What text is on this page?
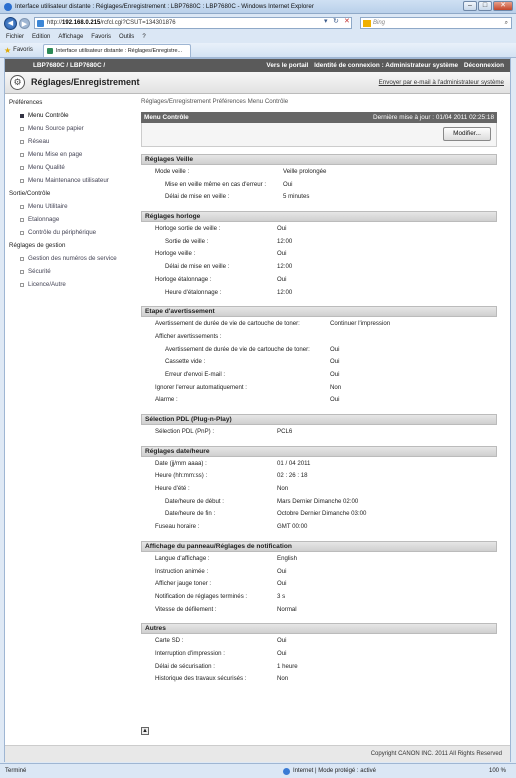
Interface utilisateur distante : Réglages/Enregistrement : LBP7680C : LBP7680C - Windows Internet Explorer	–	□	✕
◀	▶	http://192.168.0.215/rcfcl.cgi?CSUT=134301876	▾ ↻ ✕	Bing	⌕
Fichier Edition Affichage Favoris Outils ?
★ Favoris	Interface utilisateur distante : Réglages/Enregistre...
LBP7680C / LBP7680C /	Vers le portail Identité de connexion : Administrateur système Déconnexion
⚙	Réglages/Enregistrement	Envoyer par e-mail à l'administrateur système
Préférences
Menu Contrôle
Menu Source papier
Réseau
Menu Mise en page
Menu Qualité
Menu Maintenance utilisateur
Sortie/Contrôle
Menu Utilitaire
Etalonnage
Contrôle du périphérique
Réglages de gestion
Gestion des numéros de service
Sécurité
Licence/Autre
Réglages/Enregistrement Préférences Menu Contrôle
Menu Contrôle	Dernière mise à jour : 01/04 2011 02:25:18
Modifier...
Réglages Veille
Mode veille :	Veille prolongée
Mise en veille même en cas d'erreur :	Oui
Délai de mise en veille :	5 minutes
Réglages horloge
Horloge sortie de veille :	Oui
Sortie de veille :	12:00
Horloge veille :	Oui
Délai de mise en veille :	12:00
Horloge étalonnage :	Oui
Heure d'étalonnage :	12:00
Etape d'avertissement
Avertissement de durée de vie de cartouche de toner:	Continuer l'impression
Afficher avertissements :
Avertissement de durée de vie de cartouche de toner:	Oui
Cassette vide :	Oui
Erreur d'envoi E-mail :	Oui
Ignorer l'erreur automatiquement :	Non
Alarme :	Oui
Sélection PDL (Plug-n-Play)
Sélection PDL (PnP) :	PCL6
Réglages date/heure
Date (jj/mm aaaa) :	01 / 04 2011
Heure (hh:mm:ss) :	02 : 26 : 18
Heure d'été :	Non
Date/heure de début :	Mars Dernier Dimanche 02:00
Date/heure de fin :	Octobre Dernier Dimanche 03:00
Fuseau horaire :	GMT 00:00
Affichage du panneau/Réglages de notification
Langue d'affichage :	English
Instruction animée :	Oui
Afficher jauge toner :	Oui
Notification de réglages terminés :	3 s
Vitesse de défilement :	Normal
Autres
Carte SD :	Oui
Interruption d'impression :	Oui
Délai de sécurisation :	1 heure
Historique des travaux sécurisés :	Non
▲
Copyright CANON INC. 2011 All Rights Reserved
Terminé	Internet | Mode protégé : activé	100 %
